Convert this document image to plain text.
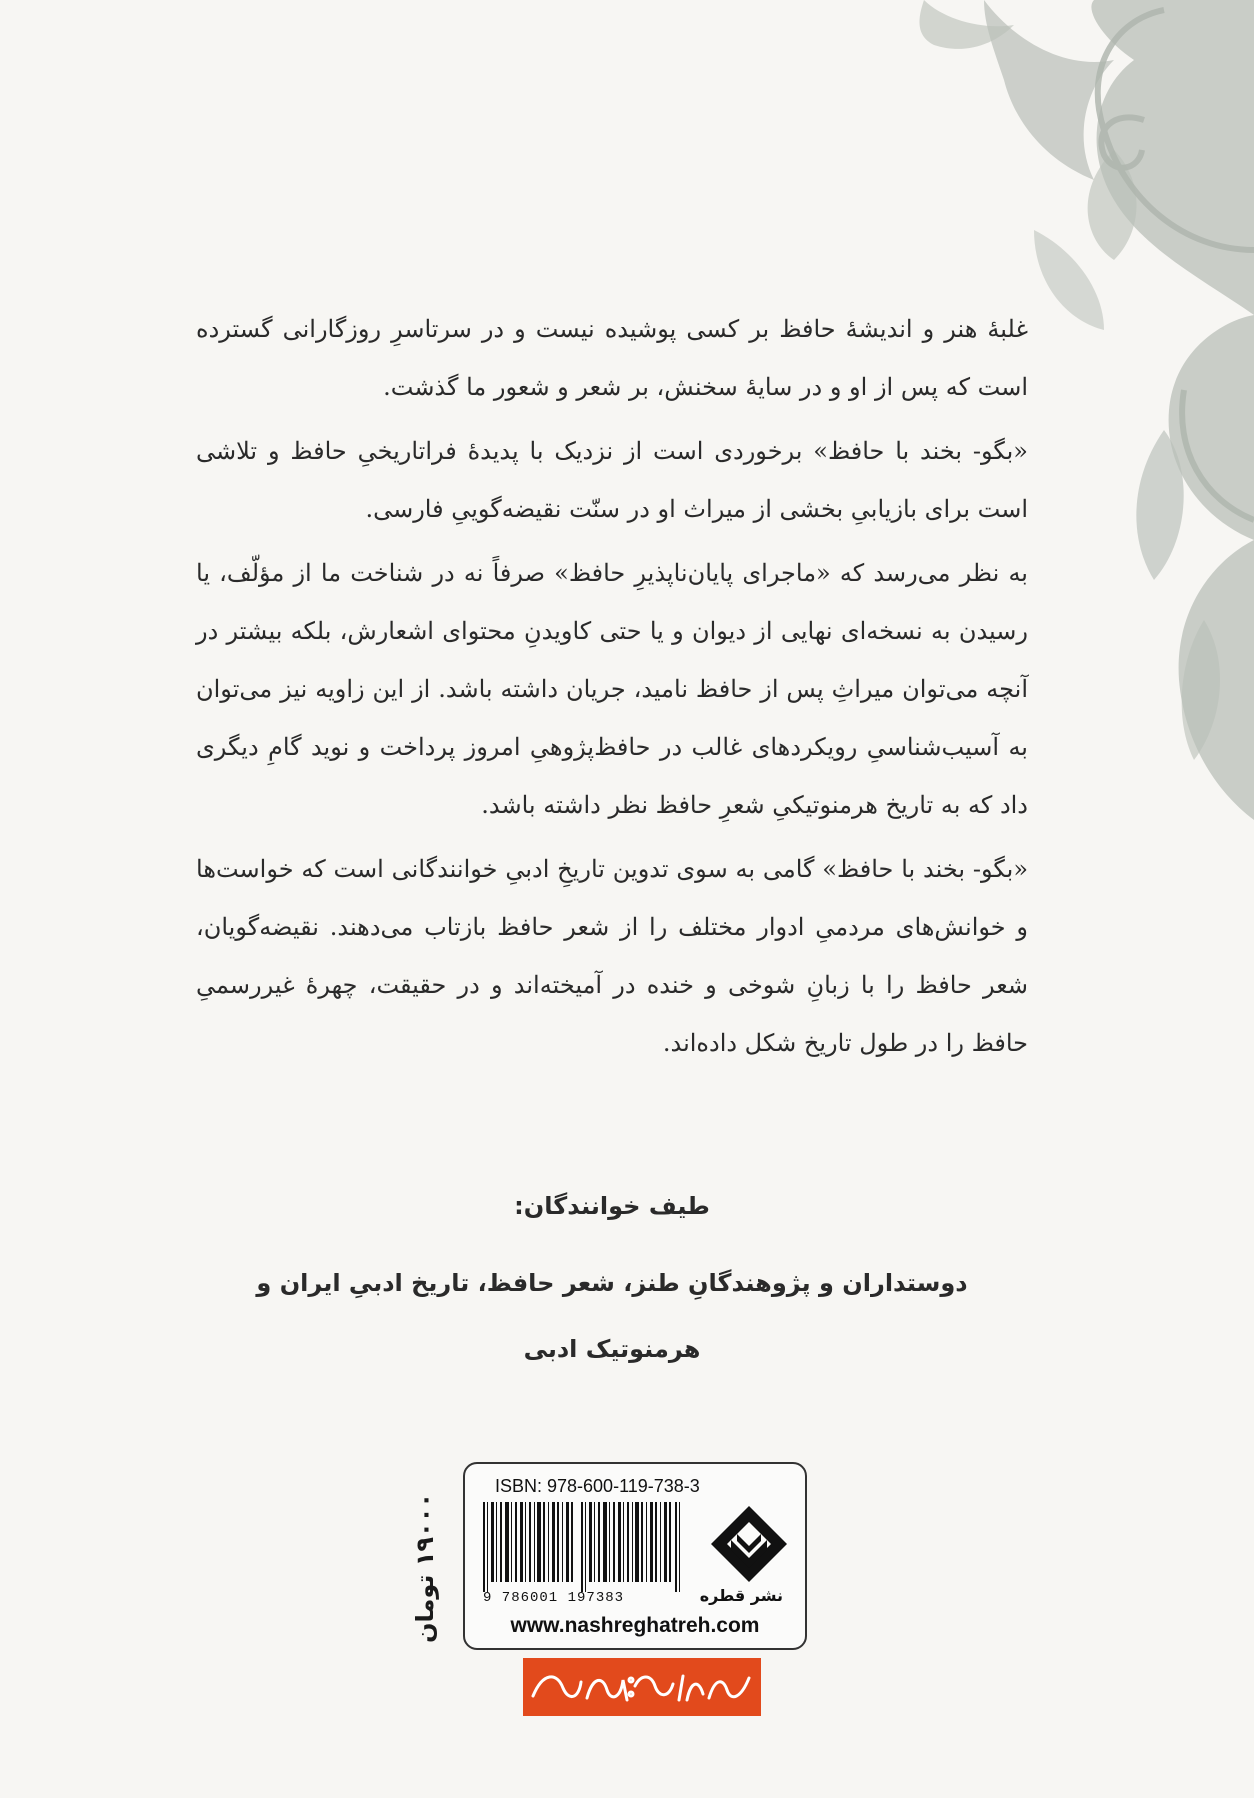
غلبهٔ هنر و اندیشهٔ حافظ بر کسی پوشیده نیست و در سرتاسرِ روزگارانی گسترده است که پس از او و در سایهٔ سخنش، بر شعر و شعور ما گذشت.

«بگو- بخند با حافظ» برخوردی است از نزدیک با پدیدهٔ فراتاریخیِ حافظ و تلاشی است برای بازیابیِ بخشی از میراث او در سنّت نقیضه‌گوییِ فارسی.

به نظر می‌رسد که «ماجرای پایان‌ناپذیرِ حافظ» صرفاً نه در شناخت ما از مؤلّف، یا رسیدن به نسخه‌ای نهایی از دیوان و یا حتی کاویدنِ محتوای اشعارش، بلکه بیشتر در آنچه می‌توان میراثِ پس از حافظ نامید، جریان داشته باشد. از این زاویه نیز می‌توان به آسیب‌شناسیِ رویکردهای غالب در حافظ‌پژوهیِ امروز پرداخت و نوید گامِ دیگری داد که به تاریخ هرمنوتیکیِ شعرِ حافظ نظر داشته باشد.

«بگو- بخند با حافظ» گامی به سوی تدوین تاریخِ ادبیِ خوانندگانی است که خواست‌ها و خوانش‌های مردمیِ ادوار مختلف را از شعر حافظ بازتاب می‌دهند. نقیضه‌گویان، شعر حافظ را با زبانِ شوخی و خنده در آمیخته‌اند و در حقیقت، چهرهٔ غیررسمیِ حافظ را در طول تاریخ شکل داده‌اند.

طیف خوانندگان:
دوستداران و پژوهندگانِ طنز، شعر حافظ، تاریخ ادبیِ ایران و هرمنوتیک ادبی
۱۹۰۰۰ تومان
ISBN: 978-600-119-738-3
9 786001 197383	نشر قطره
www.nashreghatreh.com
